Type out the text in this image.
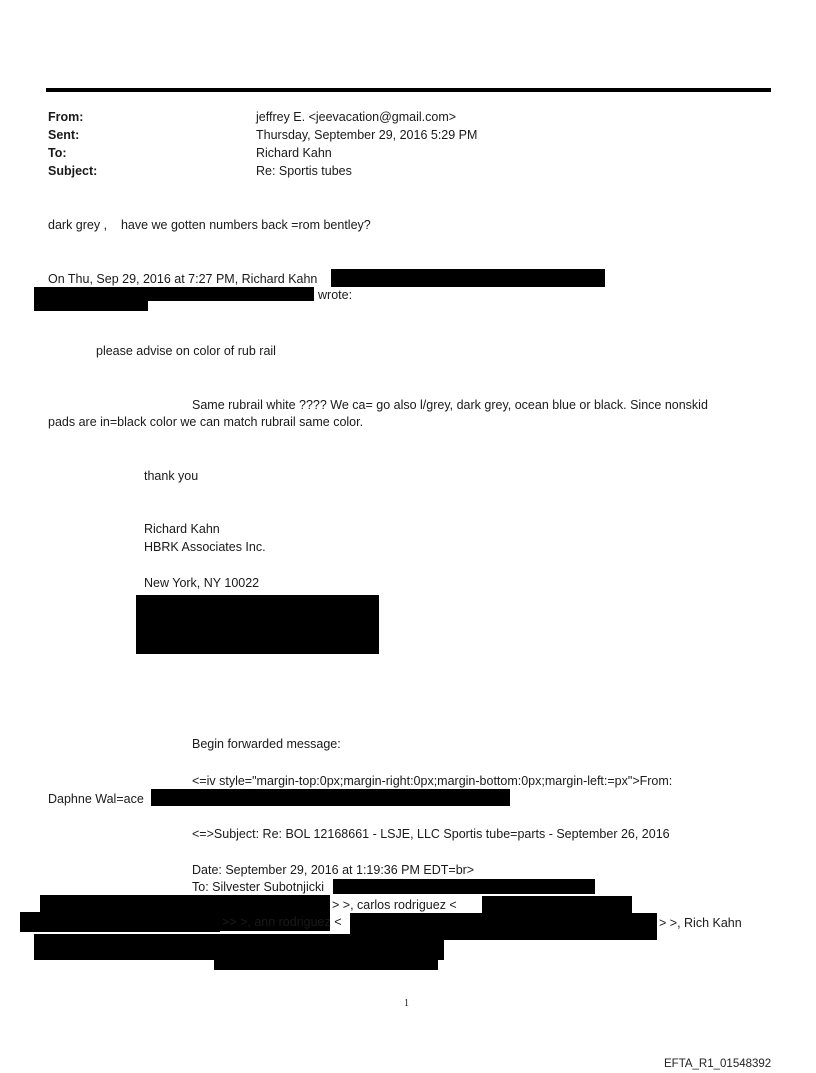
From:	jeffrey E. <jeevacation@gmail.com>
Sent:	Thursday, September 29, 2016 5:29 PM
To:	Richard Kahn
Subject:	Re: Sportis tubes
dark grey ,    have we gotten numbers back =rom bentley?
On Thu, Sep 29, 2016 at 7:27 PM, Richard Kahn
wrote:
please advise on color of rub rail
Same rubrail white ???? We ca= go also l/grey, dark grey, ocean blue or black. Since nonskid
pads are in=black color we can match rubrail same color.
thank you
Richard Kahn
HBRK Associates Inc.
New York, NY 10022
Begin forwarded message:
<=iv style="margin-top:0px;margin-right:0px;margin-bottom:0px;margin-left:=px">From:
Daphne Wal=ace
<=>Subject: Re: BOL 12168661 - LSJE, LLC Sportis tube=parts - September 26, 2016
Date: September 29, 2016 at 1:19:36 PM EDT=br>
To: Silvester Subotnjicki
> >, carlos rodriguez <
>> >, ann rodriguez <	> >, Rich Kahn
1
EFTA_R1_01548392
